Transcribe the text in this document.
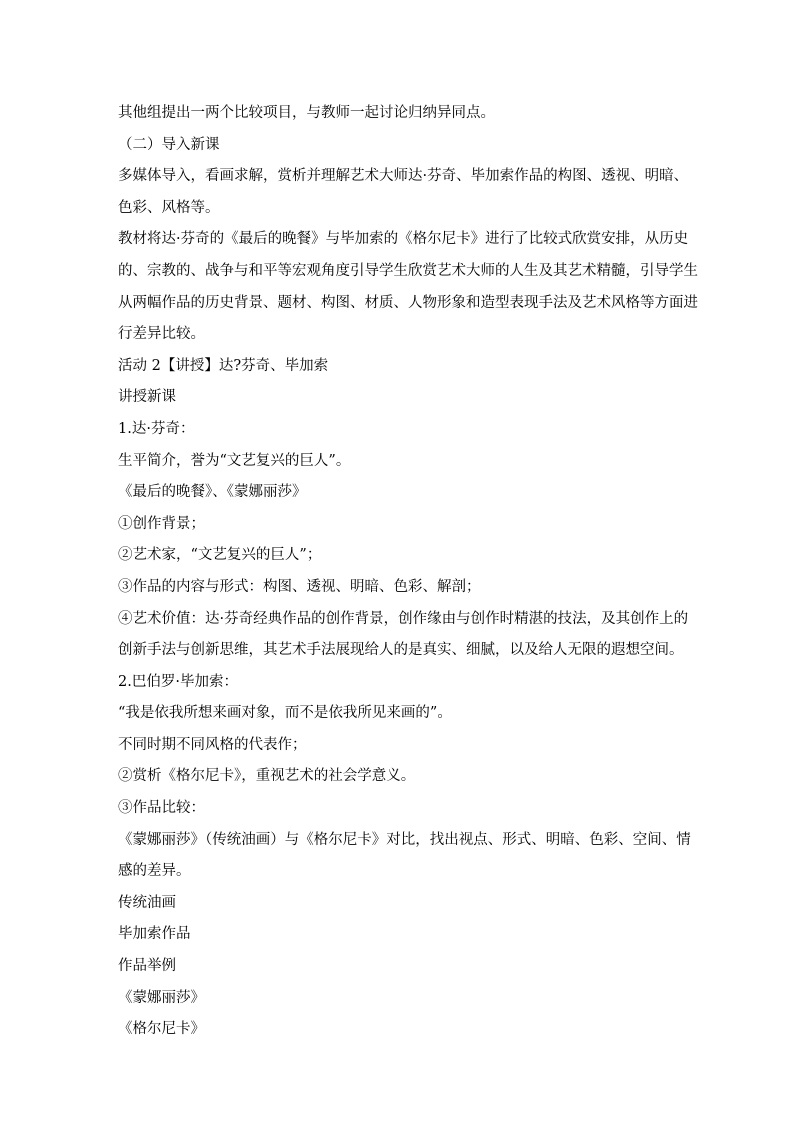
其他组提出一两个比较项目，与教师一起讨论归纳异同点。

（二）导入新课

多媒体导入，看画求解，赏析并理解艺术大师达·芬奇、毕加索作品的构图、透视、明暗、

色彩、风格等。

教材将达·芬奇的《最后的晚餐》与毕加索的《格尔尼卡》进行了比较式欣赏安排，从历史

的、宗教的、战争与和平等宏观角度引导学生欣赏艺术大师的人生及其艺术精髓，引导学生

从两幅作品的历史背景、题材、构图、材质、人物形象和造型表现手法及艺术风格等方面进

行差异比较。

活动 2【讲授】达?芬奇、毕加索

讲授新课

1.达·芬奇：

生平简介，誉为“文艺复兴的巨人”。

《最后的晚餐》、《蒙娜丽莎》

①创作背景；

②艺术家，“文艺复兴的巨人”；

③作品的内容与形式：构图、透视、明暗、色彩、解剖；

④艺术价值：达·芬奇经典作品的创作背景，创作缘由与创作时精湛的技法，及其创作上的

创新手法与创新思维，其艺术手法展现给人的是真实、细腻，以及给人无限的遐想空间。

2.巴伯罗·毕加索：

“我是依我所想来画对象，而不是依我所见来画的”。

不同时期不同风格的代表作；

②赏析《格尔尼卡》，重视艺术的社会学意义。

③作品比较：

《蒙娜丽莎》（传统油画）与《格尔尼卡》对比，找出视点、形式、明暗、色彩、空间、情

感的差异。

传统油画

毕加索作品

作品举例

《蒙娜丽莎》

《格尔尼卡》
